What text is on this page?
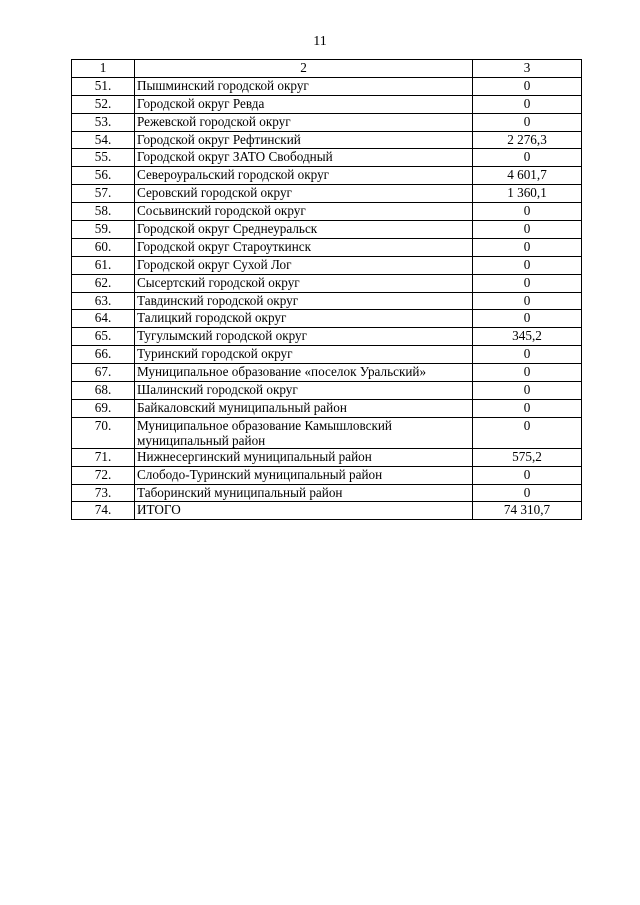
11
1	2	3
51.	Пышминский городской округ	0
52.	Городской округ Ревда	0
53.	Режевской городской округ	0
54.	Городской округ Рефтинский	2 276,3
55.	Городской округ ЗАТО Свободный	0
56.	Североуральский городской округ	4 601,7
57.	Серовский городской округ	1 360,1
58.	Сосьвинский городской округ	0
59.	Городской округ Среднеуральск	0
60.	Городской округ Староуткинск	0
61.	Городской округ Сухой Лог	0
62.	Сысертский городской округ	0
63.	Тавдинский городской округ	0
64.	Талицкий городской округ	0
65.	Тугулымский городской округ	345,2
66.	Туринский городской округ	0
67.	Муниципальное образование «поселок Уральский»	0
68.	Шалинский городской округ	0
69.	Байкаловский муниципальный район	0
70.	Муниципальное образование Камышловский муниципальный район	0
71.	Нижнесергинский муниципальный район	575,2
72.	Слободо-Туринский муниципальный район	0
73.	Таборинский муниципальный район	0
74.	ИТОГО	74 310,7
